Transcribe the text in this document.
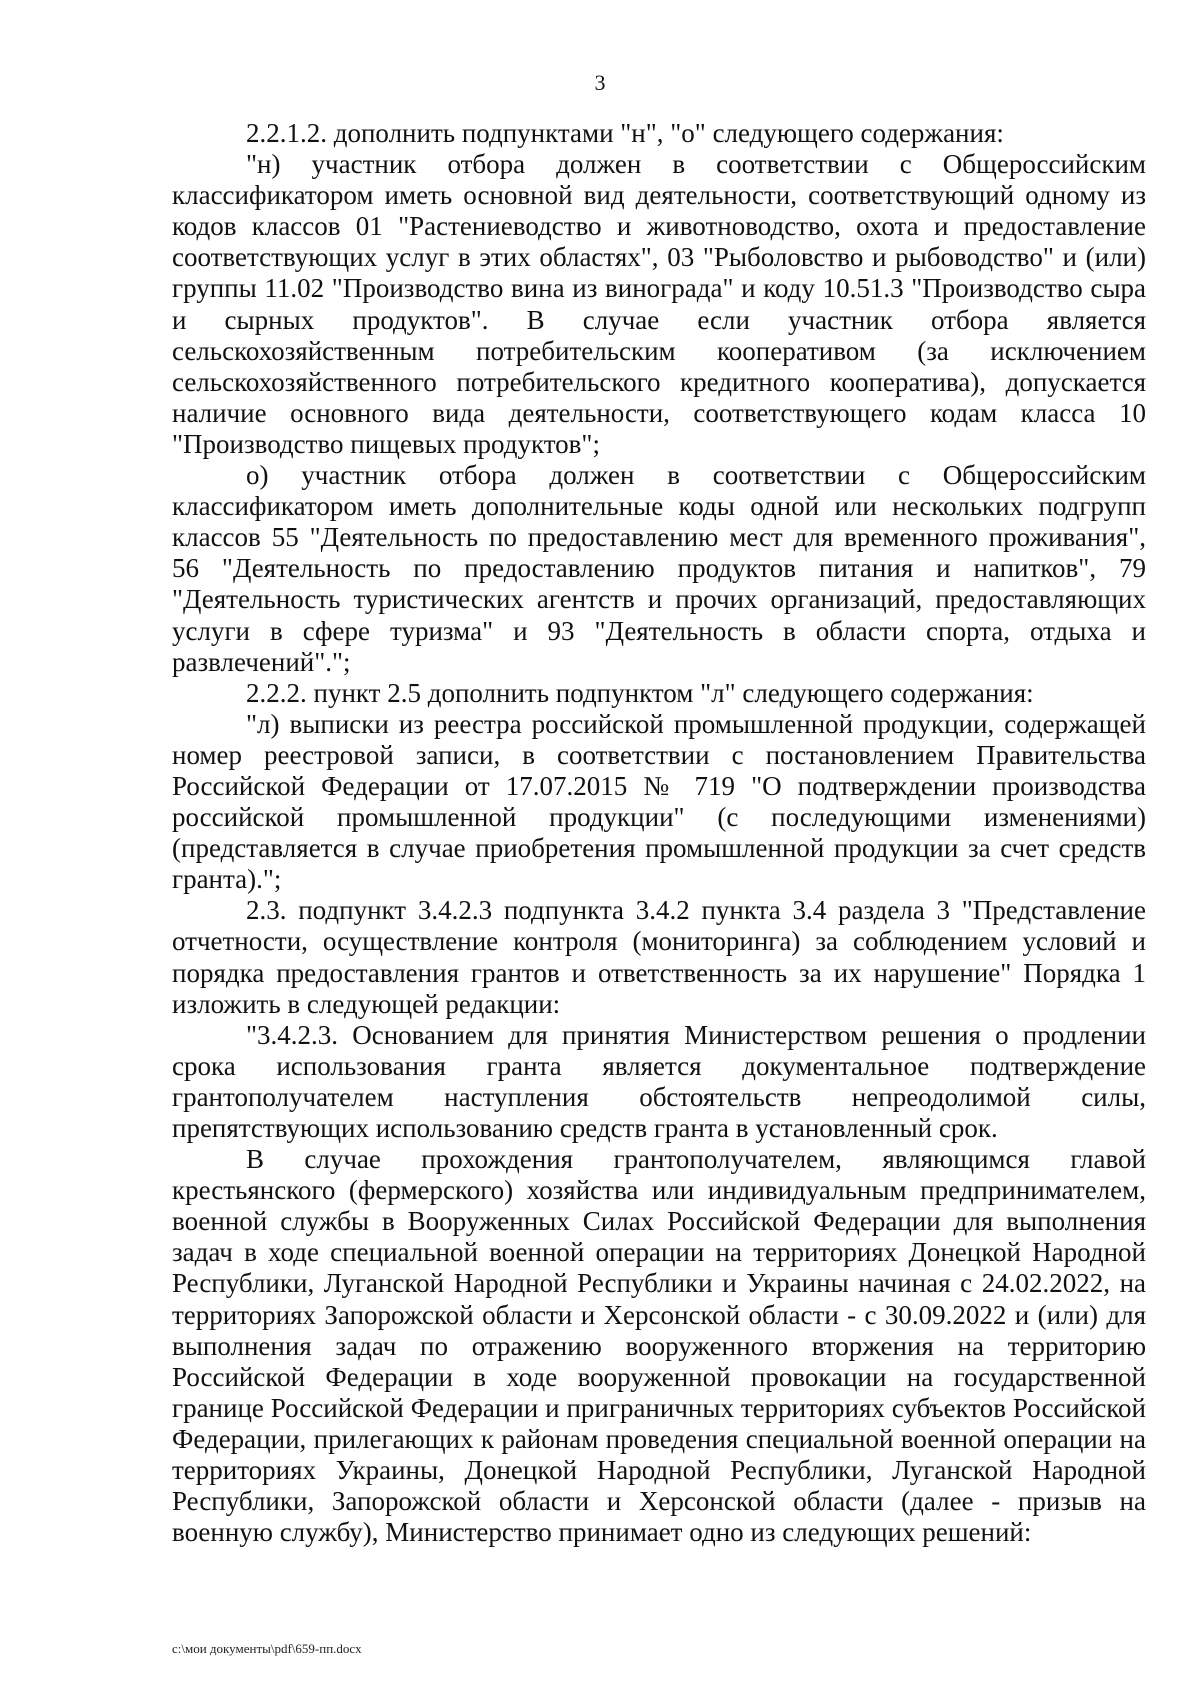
3

2.2.1.2. дополнить подпунктами "н", "о" следующего содержания:

"н) участник отбора должен в соответствии с Общероссийским классификатором иметь основной вид деятельности, соответствующий одному из кодов классов 01 "Растениеводство и животноводство, охота и предоставление соответствующих услуг в этих областях", 03 "Рыболовство и рыбоводство" и (или) группы 11.02 "Производство вина из винограда" и коду 10.51.3 "Производство сыра и сырных продуктов". В случае если участник отбора является сельскохозяйственным потребительским кооперативом (за исключением сельскохозяйственного потребительского кредитного кооператива), допускается наличие основного вида деятельности, соответствующего кодам класса 10 "Производство пищевых продуктов";

о) участник отбора должен в соответствии с Общероссийским классификатором иметь дополнительные коды одной или нескольких подгрупп классов 55 "Деятельность по предоставлению мест для временного проживания", 56 "Деятельность по предоставлению продуктов питания и напитков", 79 "Деятельность туристических агентств и прочих организаций, предоставляющих услуги в сфере туризма" и 93 "Деятельность в области спорта, отдыха и развлечений".";

2.2.2. пункт 2.5 дополнить подпунктом "л" следующего содержания:

"л) выписки из реестра российской промышленной продукции, содержащей номер реестровой записи, в соответствии с постановлением Правительства Российской Федерации от 17.07.2015 № 719 "О подтверждении производства российской промышленной продукции" (с последующими изменениями) (представляется в случае приобретения промышленной продукции за счет средств гранта).";

2.3. подпункт 3.4.2.3 подпункта 3.4.2 пункта 3.4 раздела 3 "Представление отчетности, осуществление контроля (мониторинга) за соблюдением условий и порядка предоставления грантов и ответственность за их нарушение" Порядка 1 изложить в следующей редакции:

"3.4.2.3. Основанием для принятия Министерством решения о продлении срока использования гранта является документальное подтверждение грантополучателем наступления обстоятельств непреодолимой силы, препятствующих использованию средств гранта в установленный срок.

В случае прохождения грантополучателем, являющимся главой крестьянского (фермерского) хозяйства или индивидуальным предпринимателем, военной службы в Вооруженных Силах Российской Федерации для выполнения задач в ходе специальной военной операции на территориях Донецкой Народной Республики, Луганской Народной Республики и Украины начиная с 24.02.2022, на территориях Запорожской области и Херсонской области - с 30.09.2022 и (или) для выполнения задач по отражению вооруженного вторжения на территорию Российской Федерации в ходе вооруженной провокации на государственной границе Российской Федерации и приграничных территориях субъектов Российской Федерации, прилегающих к районам проведения специальной военной операции на территориях Украины, Донецкой Народной Республики, Луганской Народной Республики, Запорожской области и Херсонской области (далее - призыв на военную службу), Министерство принимает одно из следующих решений:

c:\мои документы\pdf\659-пп.docx
